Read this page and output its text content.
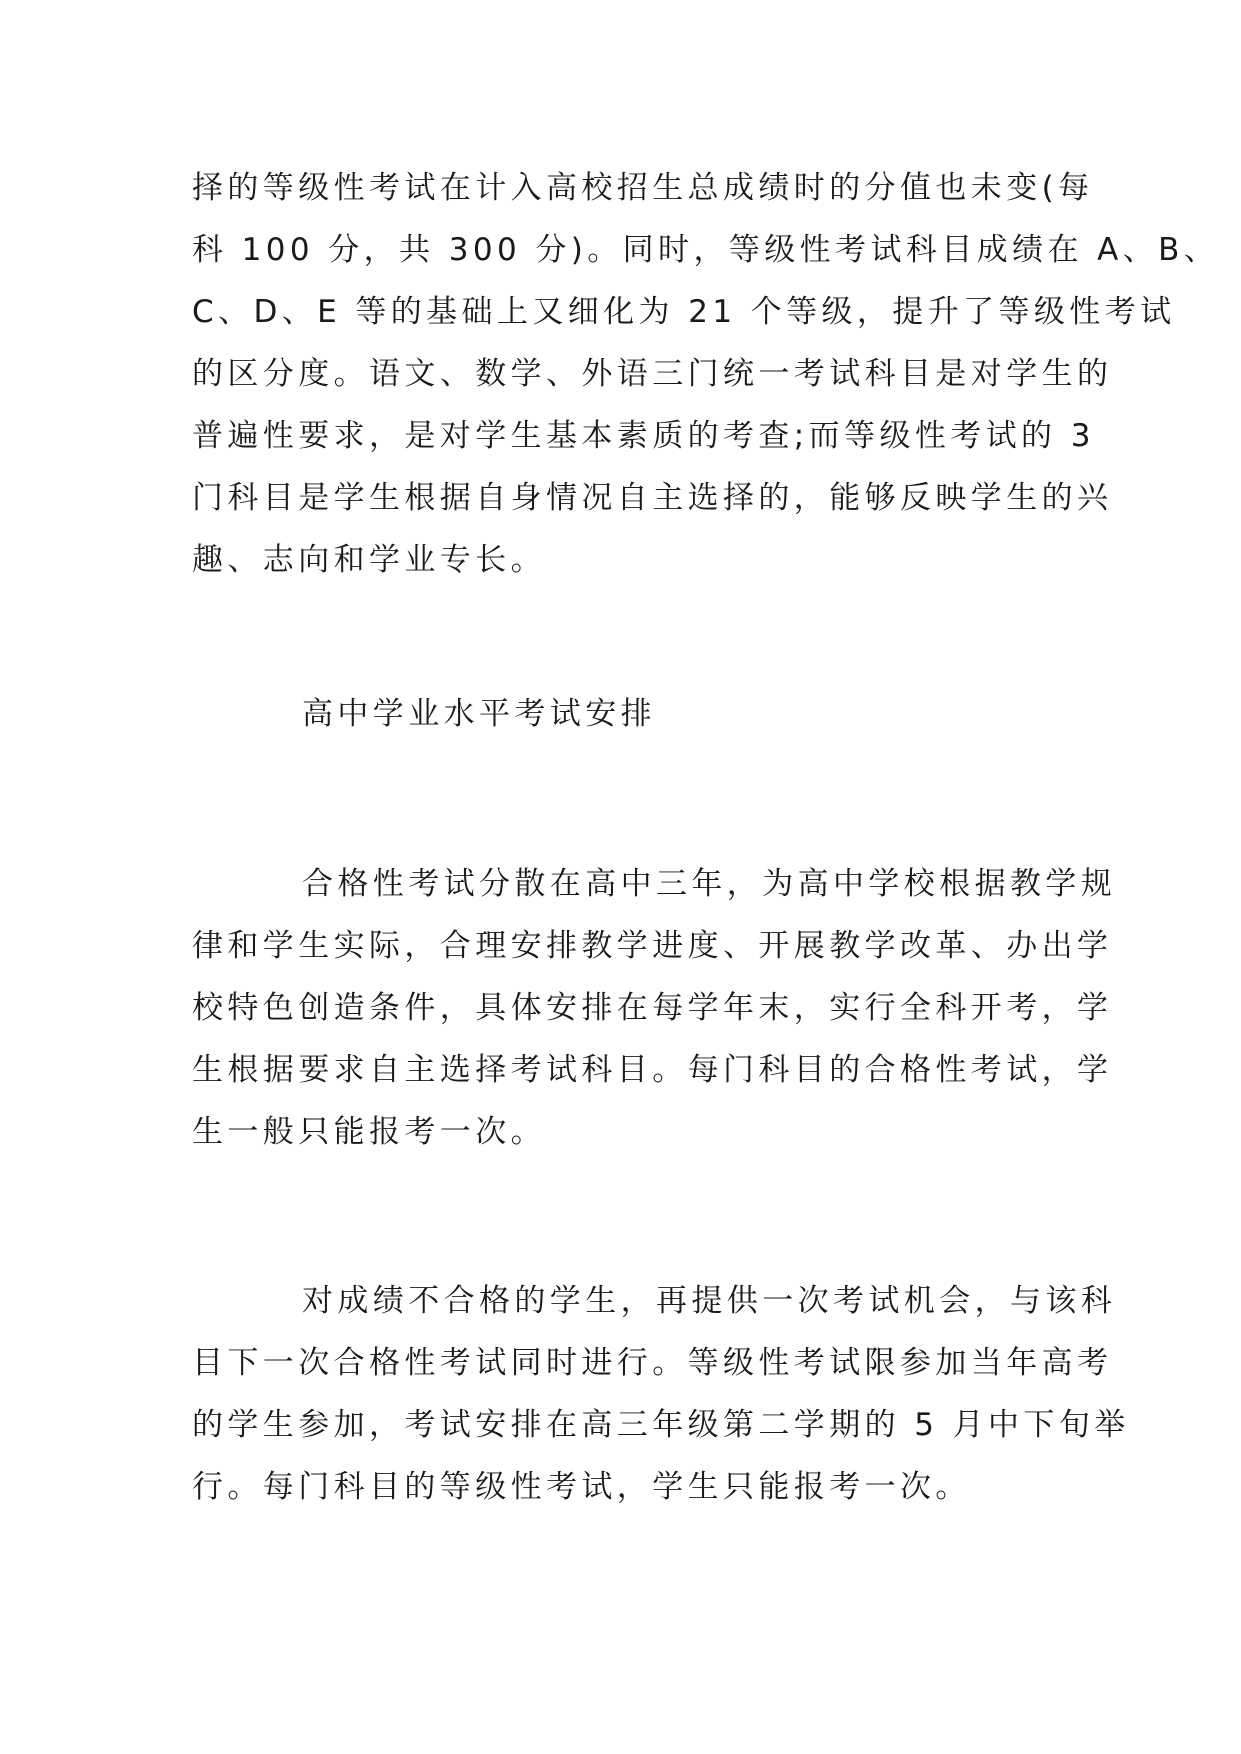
择的等级性考试在计入高校招生总成绩时的分值也未变(每
科 100 分，共 300 分)。同时，等级性考试科目成绩在 A、B、
C、D、E 等的基础上又细化为 21 个等级，提升了等级性考试
的区分度。语文、数学、外语三门统一考试科目是对学生的
普遍性要求，是对学生基本素质的考查;而等级性考试的 3
门科目是学生根据自身情况自主选择的，能够反映学生的兴
趣、志向和学业专长。
高中学业水平考试安排
合格性考试分散在高中三年，为高中学校根据教学规
律和学生实际，合理安排教学进度、开展教学改革、办出学
校特色创造条件，具体安排在每学年末，实行全科开考，学
生根据要求自主选择考试科目。每门科目的合格性考试，学
生一般只能报考一次。
对成绩不合格的学生，再提供一次考试机会，与该科
目下一次合格性考试同时进行。等级性考试限参加当年高考
的学生参加，考试安排在高三年级第二学期的 5 月中下旬举
行。每门科目的等级性考试，学生只能报考一次。
